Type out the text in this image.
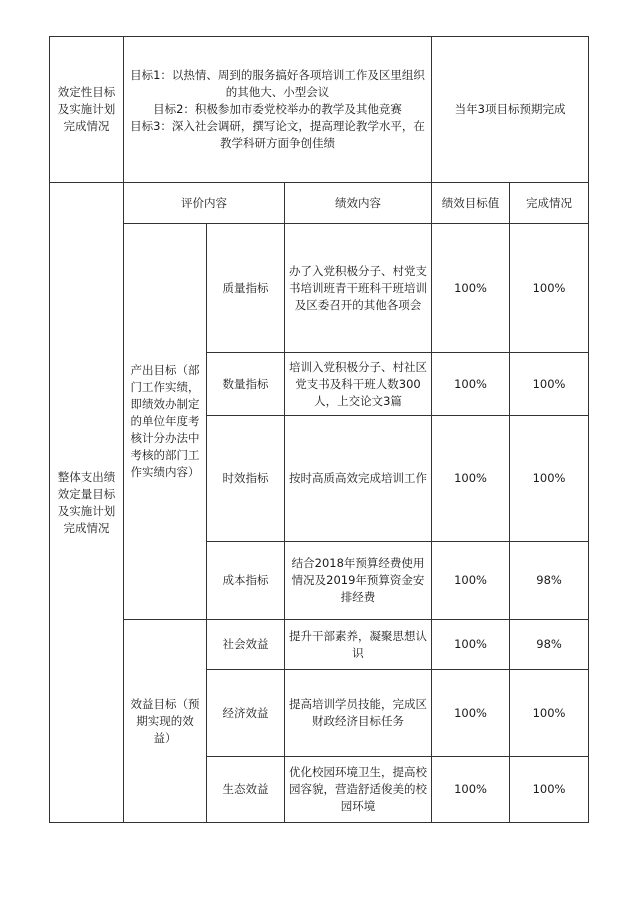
效定性目标及实施计划完成情况	目标1：以热情、周到的服务搞好各项培训工作及区里组织的其他大、小型会议
目标2：积极参加市委党校举办的教学及其他竞赛
目标3：深入社会调研，撰写论文，提高理论教学水平，在教学科研方面争创佳绩			当年3项目标预期完成	
整体支出绩效定量目标及实施计划完成情况	评价内容		绩效内容	绩效目标值	完成情况
	产出目标（部门工作实绩，即绩效办制定的单位年度考核计分办法中考核的部门工作实绩内容）	质量指标	办了入党积极分子、村党支书培训班青干班科干班培训 及区委召开的其他各项会	100%	100%
		数量指标	培训入党积极分子、村社区党支书及科干班人数300人，上交论文3篇	100%	100%
		时效指标	按时高质高效完成培训工作	100%	100%
		成本指标	结合2018年预算经费使用情况及2019年预算资金安排经费	100%	98%
	效益目标（预期实现的效益）	社会效益	提升干部素养，凝聚思想认识	100%	98%
		经济效益	提高培训学员技能，完成区财政经济目标任务	100%	100%
		生态效益	优化校园环境卫生，提高校园容貌，营造舒适俊美的校园环境	100%	100%
